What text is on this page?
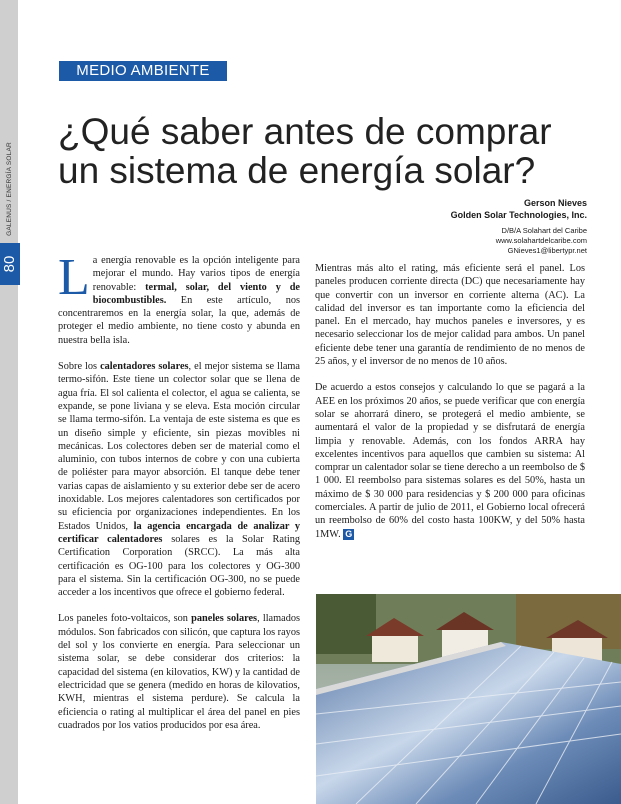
GALENUS / ENERGÍA SOLAR
80
MEDIO AMBIENTE
¿Qué saber antes de comprar
un sistema de energía solar?
Gerson Nieves
Golden Solar Technologies, Inc.
D/B/A Solahart del Caribe
www.solahartdelcaribe.com
GNieves1@libertypr.net

La energía renovable es la opción inteligente para mejorar el mundo. Hay varios tipos de energía renovable: termal, solar, del viento y de biocombustibles. En este artículo, nos concentraremos en la energía solar, la que, además de proteger el medio ambiente, no tiene costo y abunda en nuestra bella isla.

Sobre los calentadores solares, el mejor sistema se llama termo-sifón. Este tiene un colector solar que se llena de agua fría. El sol calienta el colector, el agua se calienta, se expande, se pone liviana y se eleva. Esta moción circular se llama termo-sifón. La ventaja de este sistema es que es un diseño simple y eficiente, sin piezas movibles ni mecánicas. Los colectores deben ser de material como el aluminio, con tubos internos de cobre y con una cubierta de poliéster para mayor absorción. El tanque debe tener varias capas de aislamiento y su exterior debe ser de acero inoxidable. Los mejores calentadores son certificados por su eficiencia por organizaciones independientes. En los Estados Unidos, la agencia encargada de analizar y certificar calentadores solares es la Solar Rating Certification Corporation (SRCC). La más alta certificación es OG-100 para los colectores y OG-300 para el sistema. Sin la certificación OG-300, no se puede acceder a los incentivos que ofrece el gobierno federal.

Los paneles foto-voltaicos, son paneles solares, llamados módulos. Son fabricados con silicón, que captura los rayos del sol y los convierte en energía. Para seleccionar un sistema solar, se debe considerar dos criterios: la capacidad del sistema (en kilovatios, KW) y la cantidad de electricidad que se genera (medido en horas de kilovatios, KWH, mientras el sistema perdure). Se calcula la eficiencia o rating al multiplicar el área del panel en pies cuadrados por los vatios producidos por esa área.

Mientras más alto el rating, más eficiente será el panel. Los paneles producen corriente directa (DC) que necesariamente hay que convertir con un inversor en corriente alterna (AC). La calidad del inversor es tan importante como la eficiencia del panel. En el mercado, hay muchos paneles e inversores, y es necesario seleccionar los de mejor calidad para ambos. Un panel eficiente debe tener una garantía de rendimiento de no menos de 25 años, y el inversor de no menos de 10 años.

De acuerdo a estos consejos y calculando lo que se pagará a la AEE en los próximos 20 años, se puede verificar que con energía solar se ahorrará dinero, se protegerá el medio ambiente, se aumentará el valor de la propiedad y se disfrutará de energía limpia y renovable. Además, con los fondos ARRA hay excelentes incentivos para aquellos que cambien su sistema: Al comprar un calentador solar se tiene derecho a un reembolso de $ 1 000. El reembolso para sistemas solares es del 50%, hasta un máximo de $ 30 000 para residencias y $ 200 000 para oficinas comerciales. A partir de julio de 2011, el Gobierno local ofrecerá un reembolso de 60% del costo hasta 100KW, y del 50% hasta 1MW. G
